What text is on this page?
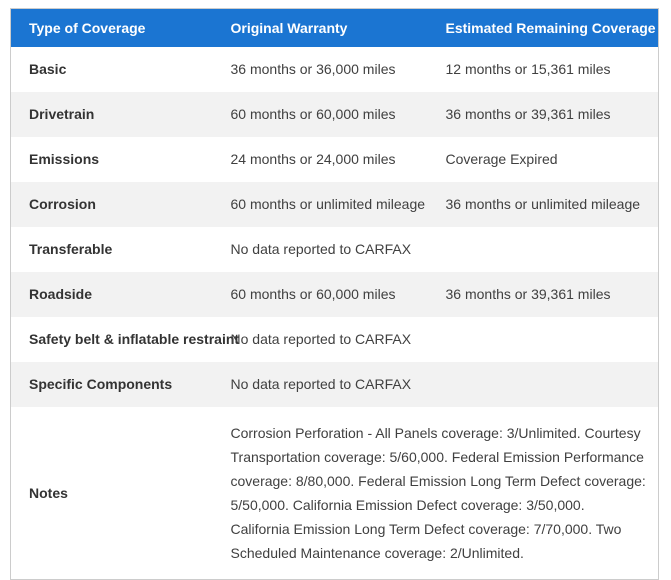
Type of Coverage	Original Warranty	Estimated Remaining Coverage
Basic	36 months or 36,000 miles	12 months or 15,361 miles
Drivetrain	60 months or 60,000 miles	36 months or 39,361 miles
Emissions	24 months or 24,000 miles	Coverage Expired
Corrosion	60 months or unlimited mileage	36 months or unlimited mileage
Transferable	No data reported to CARFAX	
Roadside	60 months or 60,000 miles	36 months or 39,361 miles
Safety belt & inflatable restraint	No data reported to CARFAX	
Specific Components	No data reported to CARFAX	
Notes	Corrosion Perforation - All Panels coverage: 3/Unlimited. Courtesy Transportation coverage: 5/60,000. Federal Emission Performance coverage: 8/80,000. Federal Emission Long Term Defect coverage: 5/50,000. California Emission Defect coverage: 3/50,000. California Emission Long Term Defect coverage: 7/70,000. Two Scheduled Maintenance coverage: 2/Unlimited.	
